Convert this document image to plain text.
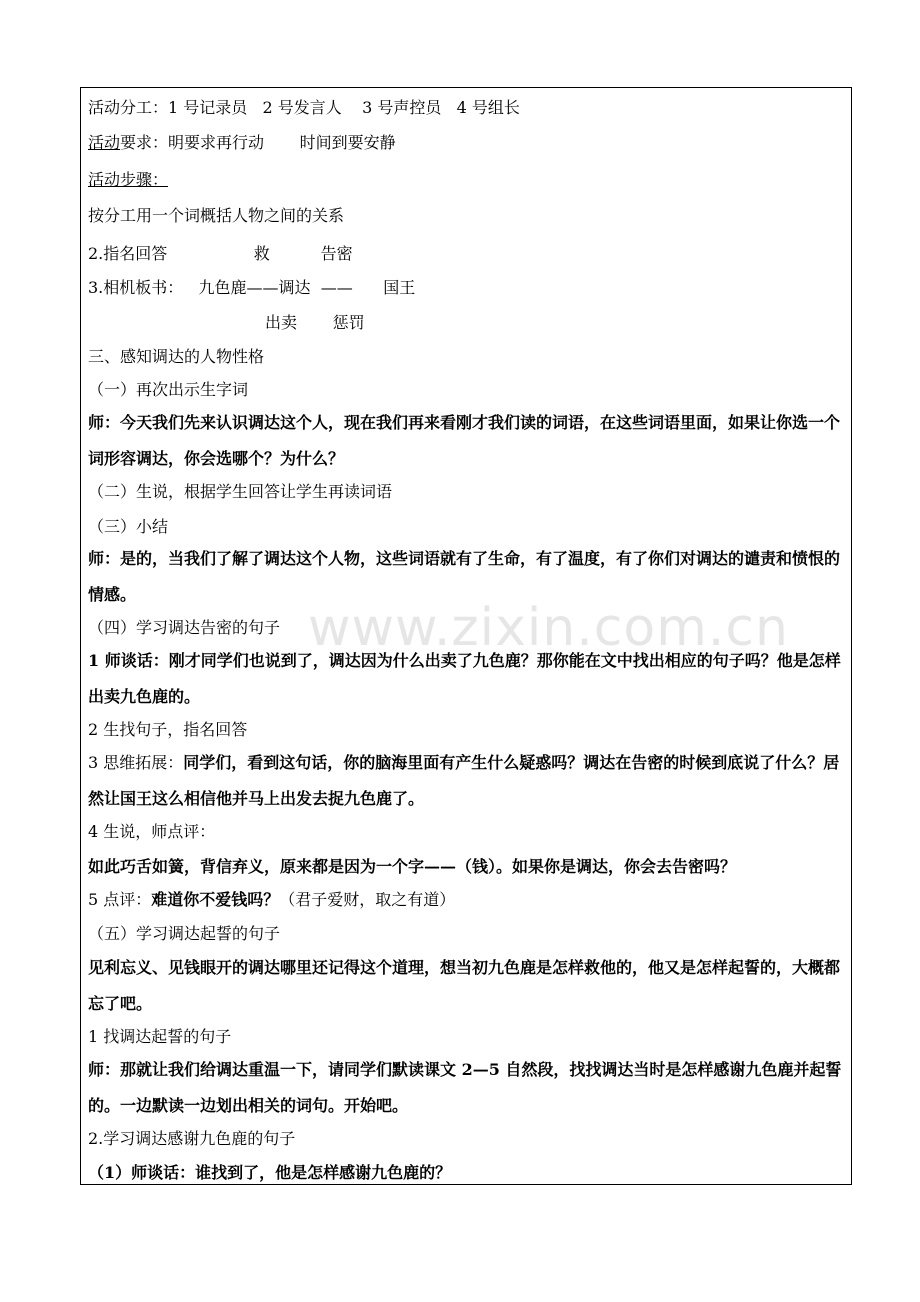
活动分工：1 号记录员   2 号发言人    3 号声控员   4 号组长
活动要求：明要求再行动       时间到要安静
活动步骤：
按分工用一个词概括人物之间的关系
2.指名回答                 救          告密
3.相机板书：   九色鹿——调达  ——      国王
出卖       惩罚
三、感知调达的人物性格
（一）再次出示生字词
师：今天我们先来认识调达这个人，现在我们再来看刚才我们读的词语，在这些词语里面，如果让你选一个词形容调达，你会选哪个？为什么？
（二）生说，根据学生回答让学生再读词语
（三）小结
师：是的，当我们了解了调达这个人物，这些词语就有了生命，有了温度，有了你们对调达的谴责和愤恨的情感。
www.zixin.com.cn
（四）学习调达告密的句子
1 师谈话：刚才同学们也说到了，调达因为什么出卖了九色鹿？那你能在文中找出相应的句子吗？他是怎样出卖九色鹿的。
2 生找句子，指名回答
3 思维拓展：同学们，看到这句话，你的脑海里面有产生什么疑惑吗？调达在告密的时候到底说了什么？居然让国王这么相信他并马上出发去捉九色鹿了。
4 生说，师点评：
如此巧舌如簧，背信弃义，原来都是因为一个字——（钱）。如果你是调达，你会去告密吗？
5 点评：难道你不爱钱吗？（君子爱财，取之有道）
（五）学习调达起誓的句子
见利忘义、见钱眼开的调达哪里还记得这个道理，想当初九色鹿是怎样救他的，他又是怎样起誓的，大概都忘了吧。
1 找调达起誓的句子
师：那就让我们给调达重温一下，请同学们默读课文 2—5 自然段，找找调达当时是怎样感谢九色鹿并起誓的。一边默读一边划出相关的词句。开始吧。
2.学习调达感谢九色鹿的句子
（1）师谈话：谁找到了，他是怎样感谢九色鹿的？
